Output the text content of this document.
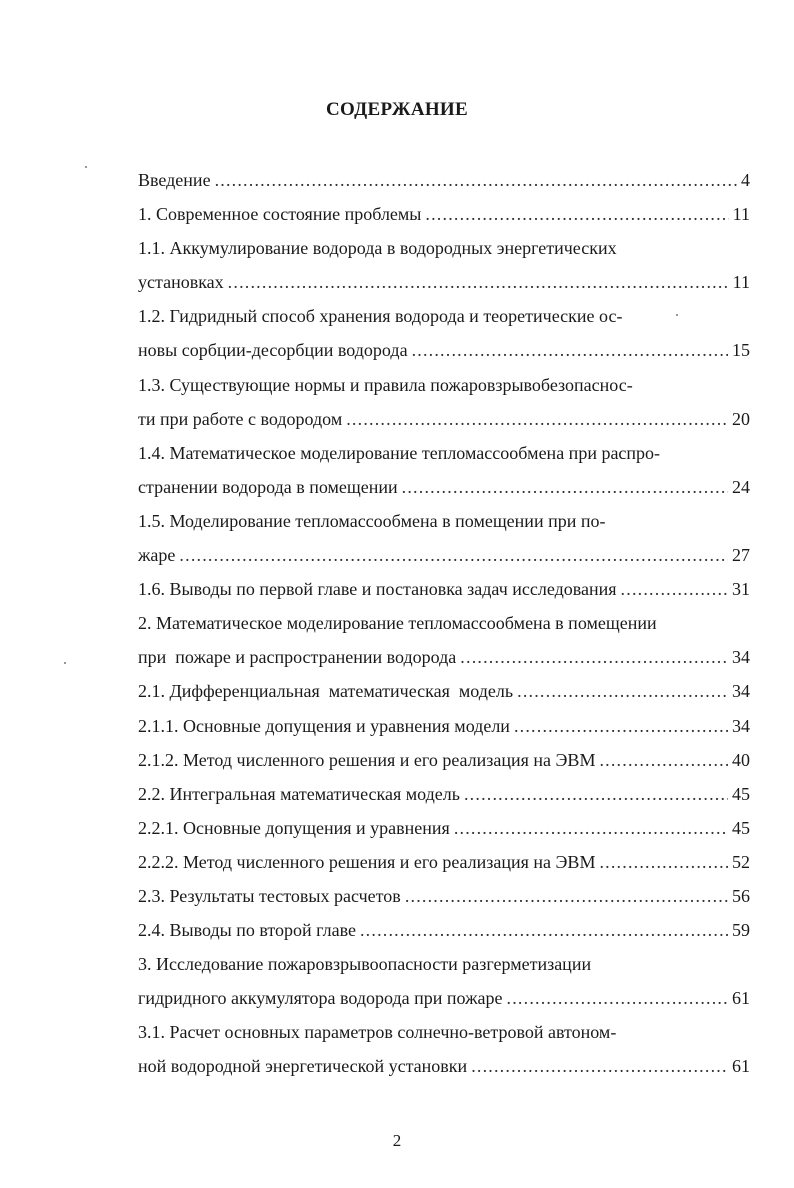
СОДЕРЖАНИЕ
Введение .....	4
1. Современное состояние проблемы .....	11
1.1. Аккумулирование водорода в водородных энергетических
установках .....	11
1.2. Гидридный способ хранения водорода и теоретические ос-
новы сорбции-десорбции водорода .....	15
1.3. Существующие нормы и правила пожаровзрывобезопаснос-
ти при работе с водородом .....	20
1.4. Математическое моделирование тепломассообмена при распро-
странении водорода в помещении .....	24
1.5. Моделирование тепломассообмена в помещении при по-
жаре .....	27
1.6. Выводы по первой главе и постановка задач исследования .....	31
2. Математическое моделирование тепломассообмена в помещении
при  пожаре и распространении водорода .....	34
2.1. Дифференциальная  математическая  модель .....	34
2.1.1. Основные допущения и уравнения модели .....	34
2.1.2. Метод численного решения и его реализация на ЭВМ .....	40
2.2. Интегральная математическая модель .....	45
2.2.1. Основные допущения и уравнения .....	45
2.2.2. Метод численного решения и его реализация на ЭВМ .....	52
2.3. Результаты тестовых расчетов .....	56
2.4. Выводы по второй главе .....	59
3. Исследование пожаровзрывоопасности разгерметизации
гидридного аккумулятора водорода при пожаре .....	61
3.1. Расчет основных параметров солнечно-ветровой автоном-
ной водородной энергетической установки .....	61
2
